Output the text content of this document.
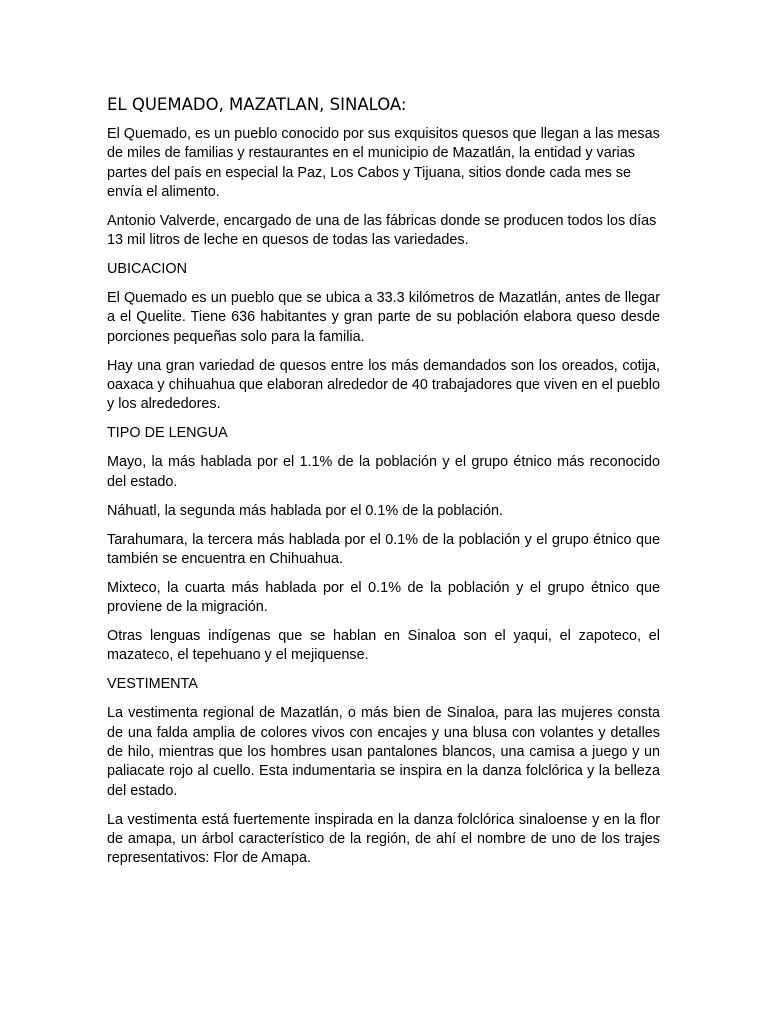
EL QUEMADO, MAZATLAN, SINALOA:

El Quemado, es un pueblo conocido por sus exquisitos quesos que llegan a las mesas de miles de familias y restaurantes en el municipio de Mazatlán, la entidad y varias partes del país en especial la Paz, Los Cabos y Tijuana, sitios donde cada mes se envía el alimento.

Antonio Valverde, encargado de una de las fábricas donde se producen todos los días 13 mil litros de leche en quesos de todas las variedades.

UBICACION

El Quemado es un pueblo que se ubica a 33.3 kilómetros de Mazatlán, antes de llegar a el Quelite. Tiene 636 habitantes y gran parte de su población elabora queso desde porciones pequeñas solo para la familia.

Hay una gran variedad de quesos entre los más demandados son los oreados, cotija, oaxaca y chihuahua que elaboran alrededor de 40 trabajadores que viven en el pueblo y los alrededores.

TIPO DE LENGUA

Mayo, la más hablada por el 1.1% de la población y el grupo étnico más reconocido del estado.

Náhuatl, la segunda más hablada por el 0.1% de la población.

Tarahumara, la tercera más hablada por el 0.1% de la población y el grupo étnico que también se encuentra en Chihuahua.

Mixteco, la cuarta más hablada por el 0.1% de la población y el grupo étnico que proviene de la migración.

Otras lenguas indígenas que se hablan en Sinaloa son el yaqui, el zapoteco, el mazateco, el tepehuano y el mejiquense.

VESTIMENTA

La vestimenta regional de Mazatlán, o más bien de Sinaloa, para las mujeres consta de una falda amplia de colores vivos con encajes y una blusa con volantes y detalles de hilo, mientras que los hombres usan pantalones blancos, una camisa a juego y un paliacate rojo al cuello. Esta indumentaria se inspira en la danza folclórica y la belleza del estado.

La vestimenta está fuertemente inspirada en la danza folclórica sinaloense y en la flor de amapa, un árbol característico de la región, de ahí el nombre de uno de los trajes representativos: Flor de Amapa.
